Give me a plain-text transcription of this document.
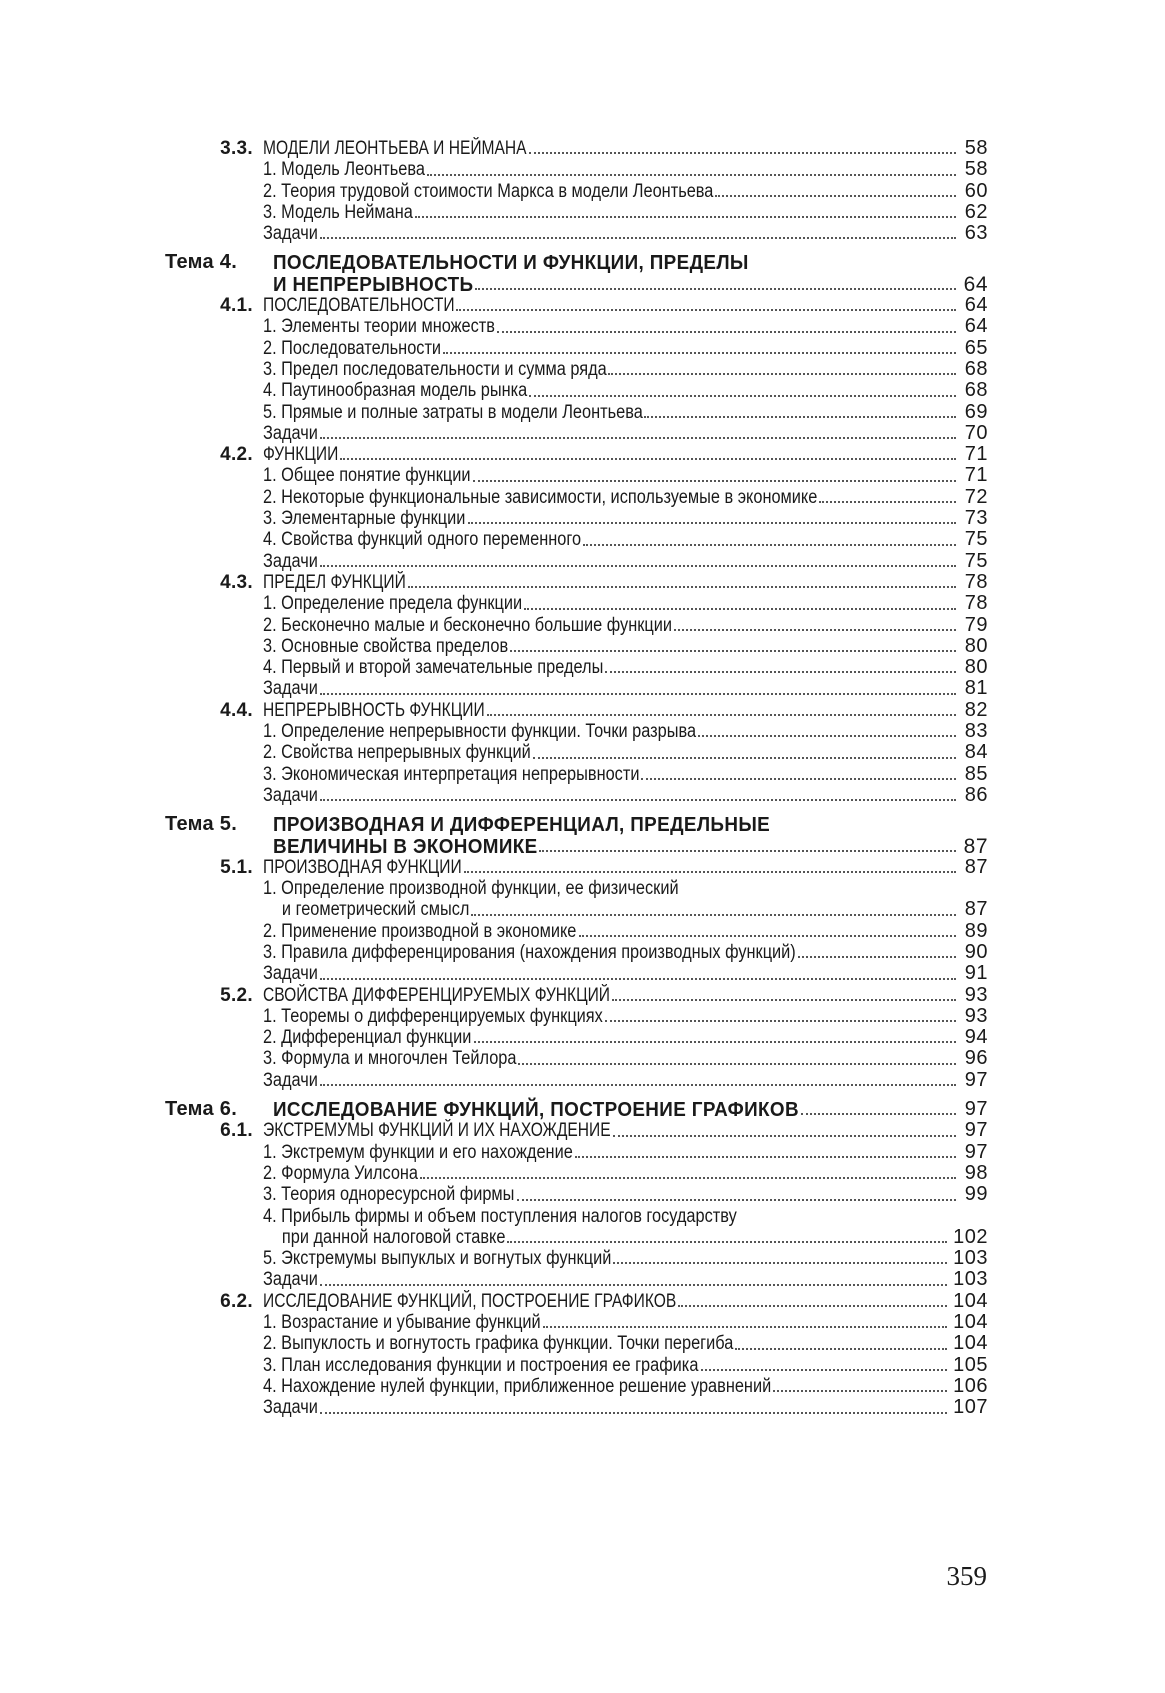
3.3. МОДЕЛИ ЛЕОНТЬЕВА И НЕЙМАНА	58
1. Модель Леонтьева	58
2. Теория трудовой стоимости Маркса в модели Леонтьева	60
3. Модель Неймана	62
Задачи	63
Тема 4.	ПОСЛЕДОВАТЕЛЬНОСТИ И ФУНКЦИИ, ПРЕДЕЛЫ
И НЕПРЕРЫВНОСТЬ	64
4.1. ПОСЛЕДОВАТЕЛЬНОСТИ	64
1. Элементы теории множеств	64
2. Последовательности	65
3. Предел последовательности и сумма ряда	68
4. Паутинообразная модель рынка	68
5. Прямые и полные затраты в модели Леонтьева	69
Задачи	70
4.2. ФУНКЦИИ	71
1. Общее понятие функции	71
2. Некоторые функциональные зависимости, используемые в экономике	72
3. Элементарные функции	73
4. Свойства функций одного переменного	75
Задачи	75
4.3. ПРЕДЕЛ ФУНКЦИЙ	78
1. Определение предела функции	78
2. Бесконечно малые и бесконечно большие функции	79
3. Основные свойства пределов	80
4. Первый и второй замечательные пределы	80
Задачи	81
4.4. НЕПРЕРЫВНОСТЬ ФУНКЦИИ	82
1. Определение непрерывности функции. Точки разрыва	83
2. Свойства непрерывных функций	84
3. Экономическая интерпретация непрерывности	85
Задачи	86
Тема 5.	ПРОИЗВОДНАЯ И ДИФФЕРЕНЦИАЛ, ПРЕДЕЛЬНЫЕ
ВЕЛИЧИНЫ В ЭКОНОМИКЕ	87
5.1. ПРОИЗВОДНАЯ ФУНКЦИИ	87
1. Определение производной функции, ее физический
и геометрический смысл	87
2. Применение производной в экономике	89
3. Правила дифференцирования (нахождения производных функций)	90
Задачи	91
5.2. СВОЙСТВА ДИФФЕРЕНЦИРУЕМЫХ ФУНКЦИЙ	93
1. Теоремы о дифференцируемых функциях	93
2. Дифференциал функции	94
3. Формула и многочлен Тейлора	96
Задачи	97
Тема 6.	ИССЛЕДОВАНИЕ ФУНКЦИЙ, ПОСТРОЕНИЕ ГРАФИКОВ	97
6.1. ЭКСТРЕМУМЫ ФУНКЦИЙ И ИХ НАХОЖДЕНИЕ	97
1. Экстремум функции и его нахождение	97
2. Формула Уилсона	98
3. Теория одноресурсной фирмы	99
4. Прибыль фирмы и объем поступления налогов государству
при данной налоговой ставке	102
5. Экстремумы выпуклых и вогнутых функций	103
Задачи	103
6.2. ИССЛЕДОВАНИЕ ФУНКЦИЙ, ПОСТРОЕНИЕ ГРАФИКОВ	104
1. Возрастание и убывание функций	104
2. Выпуклость и вогнутость графика функции. Точки перегиба	104
3. План исследования функции и построения ее графика	105
4. Нахождение нулей функции, приближенное решение уравнений	106
Задачи	107
359
